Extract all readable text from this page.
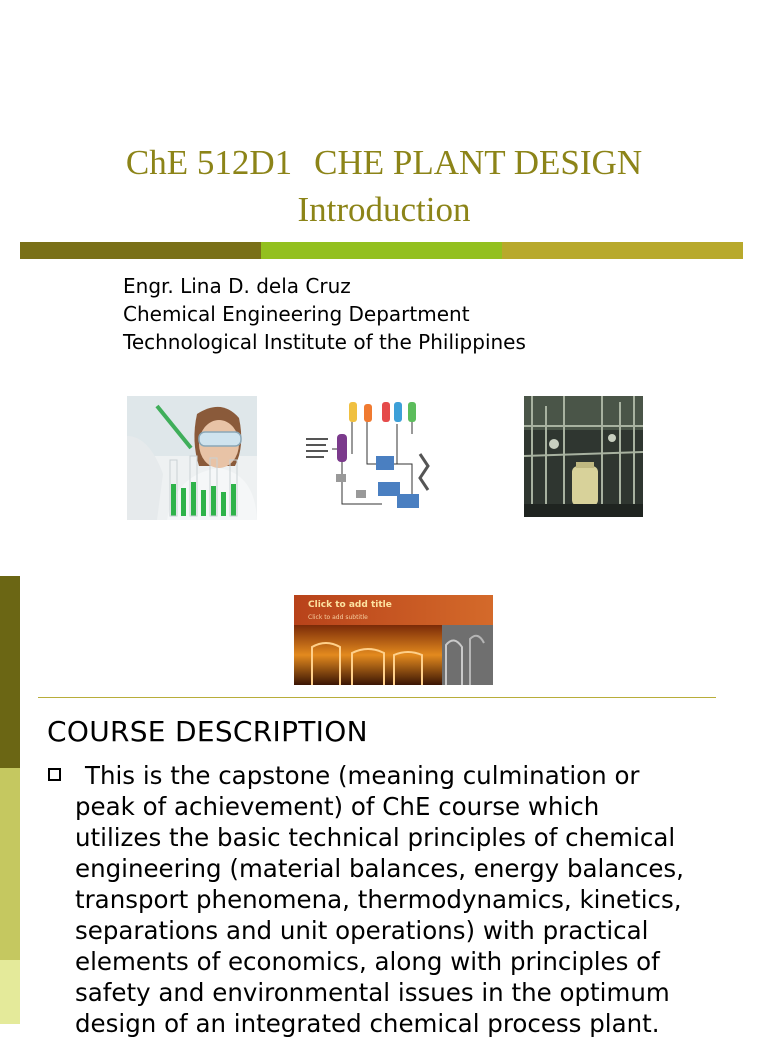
ChE 512D1 CHE PLANT DESIGN
Introduction
Engr. Lina D. dela Cruz
Chemical Engineering Department
Technological Institute of the Philippines
Click to add title
Click to add subtitle
COURSE DESCRIPTION
This is the capstone (meaning culmination or
peak of achievement) of ChE course which
utilizes the basic technical principles of chemical
engineering (material balances, energy balances,
transport phenomena, thermodynamics, kinetics,
separations and unit operations) with practical
elements of economics, along with principles of
safety and environmental issues in the optimum
design of an integrated chemical process plant.
